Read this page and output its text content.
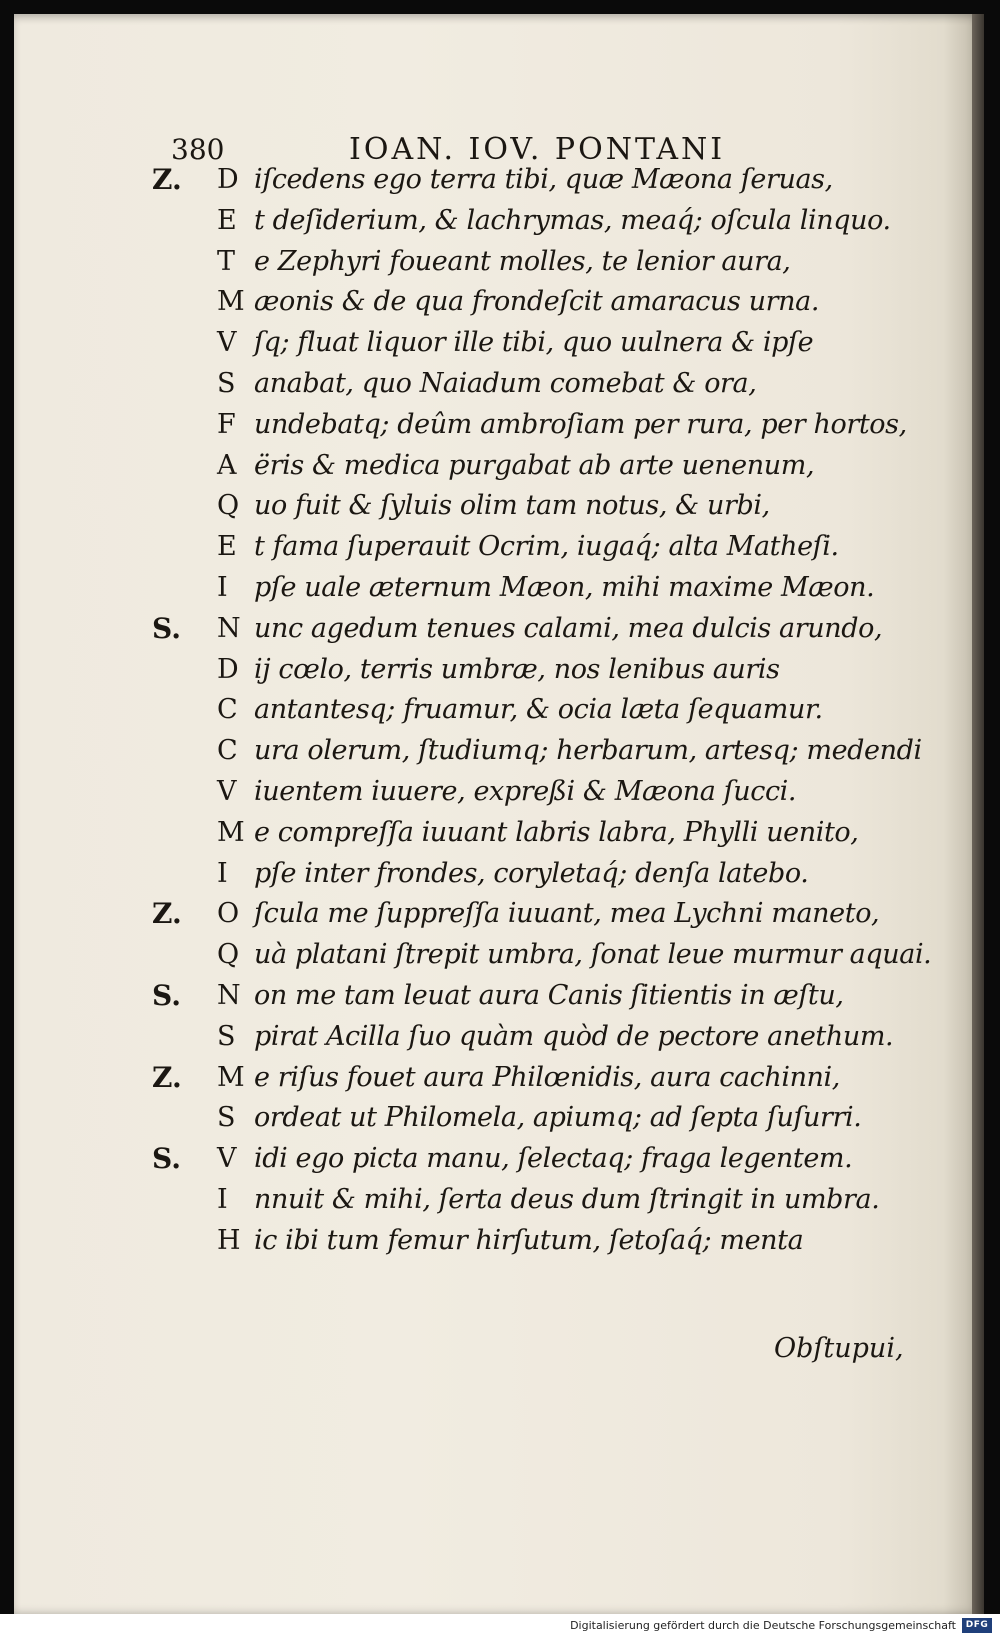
380	IOAN. IOV. PONTANI
Z.	D iſcedens ego terra tibi, quæ Mæona ſeruas,
E t deſiderium, & lachrymas, meaq́; oſcula linquo.
T e Zephyri foueant molles, te lenior aura,
M æonis & de qua frondeſcit amaracus urna.
V ſq; fluat liquor ille tibi, quo uulnera & ipſe
S anabat, quo Naiadum comebat & ora,
F undebatq; deûm ambroſiam per rura, per hortos,
A ëris & medica purgabat ab arte uenenum,
Q uo fuit & ſyluis olim tam notus, & urbi,
E t fama ſuperauit Ocrim, iugaq́; alta Matheſi.
I pſe uale æternum Mæon, mihi maxime Mæon.
S.	N unc agedum tenues calami, mea dulcis arundo,
D ij cœlo, terris umbræ, nos lenibus auris
C antantesq; fruamur, & ocia læta ſequamur.
C ura olerum, ſtudiumq; herbarum, artesq; medendi
V iuentem iuuere, expreßi & Mæona ſucci.
M e compreſſa iuuant labris labra, Phylli uenito,
I pſe inter frondes, coryletaq́; denſa latebo.
Z.	O ſcula me ſuppreſſa iuuant, mea Lychni maneto,
Q uà platani ſtrepit umbra, ſonat leue murmur aquai.
S.	N on me tam leuat aura Canis ſitientis in æſtu,
S pirat Acilla ſuo quàm quòd de pectore anethum.
Z.	M e riſus fouet aura Philœnidis, aura cachinni,
S ordeat ut Philomela, apiumq; ad ſepta ſuſurri.
S.	V idi ego picta manu, ſelectaq; fraga legentem.
I nnuit & mihi, ſerta deus dum ſtringit in umbra.
H ic ibi tum femur hirſutum, ſetoſaq́; menta
Obſtupui,
Digitalisierung gefördert durch die Deutsche Forschungsgemeinschaft	DFG
